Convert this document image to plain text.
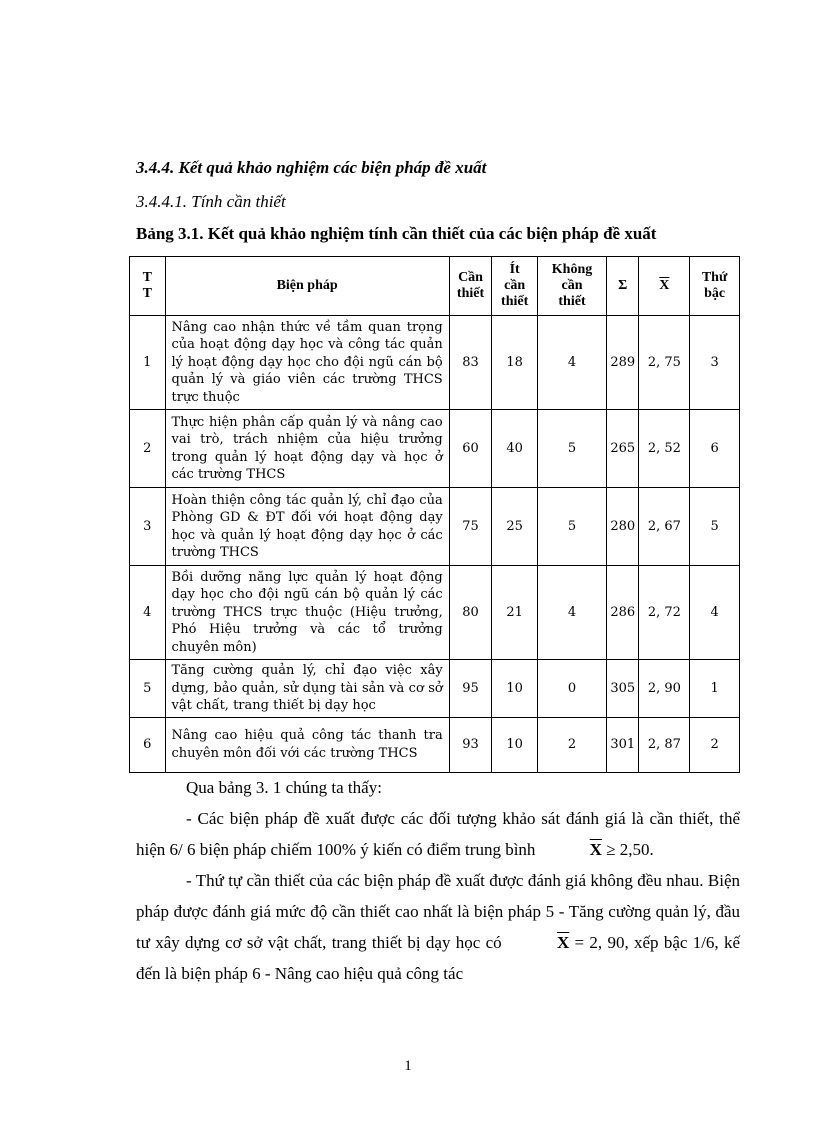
3.4.4. Kết quả khảo nghiệm các biện pháp đề xuất
3.4.4.1. Tính cần thiết
Bảng 3.1. Kết quả khảo nghiệm tính cần thiết của các biện pháp đề xuất
T T	Biện pháp	Cần thiết	Ít cần thiết	Không cần thiết	Σ	$\overline{X}$	Thứ bậc
1	Nâng cao nhận thức về tầm quan trọng của hoạt động dạy học và công tác quản lý hoạt động dạy học cho đội ngũ cán bộ quản lý và giáo viên các trường THCS trực thuộc	83	18	4	289	2, 75	3
2	Thực hiện phân cấp quản lý và nâng cao vai trò, trách nhiệm của hiệu trưởng trong quản lý hoạt động dạy và học ở các trường THCS	60	40	5	265	2, 52	6
3	Hoàn thiện công tác quản lý, chỉ đạo của Phòng GD & ĐT đối với hoạt động dạy học và quản lý hoạt động dạy học ở các trường THCS	75	25	5	280	2, 67	5
4	Bồi dưỡng năng lực quản lý hoạt động dạy học cho đội ngũ cán bộ quản lý các trường THCS trực thuộc (Hiệu trưởng, Phó Hiệu trưởng và các tổ trưởng chuyên môn)	80	21	4	286	2, 72	4
5	Tăng cường quản lý, chỉ đạo việc xây dựng, bảo quản, sử dụng tài sản và cơ sở vật chất, trang thiết bị dạy học	95	10	0	305	2, 90	1
6	Nâng cao hiệu quả công tác thanh tra chuyên môn đối với các trường THCS	93	10	2	301	2, 87	2

Qua bảng 3. 1 chúng ta thấy:

- Các biện pháp đề xuất được các đối tượng khảo sát đánh giá là cần thiết, thể hiện 6/ 6 biện pháp chiếm 100% ý kiến có điểm trung bình	$\overline{X} \ge 2,50$.

- Thứ tự cần thiết của các biện pháp đề xuất được đánh giá không đều nhau. Biện pháp được đánh giá mức độ cần thiết cao nhất là biện pháp 5 - Tăng cường quản lý, đầu tư xây dựng cơ sở vật chất, trang thiết bị dạy học có	$\overline{X} = 2$, 90, xếp bậc 1/6, kế đến là biện pháp 6 - Nâng cao hiệu quả công tác

1
